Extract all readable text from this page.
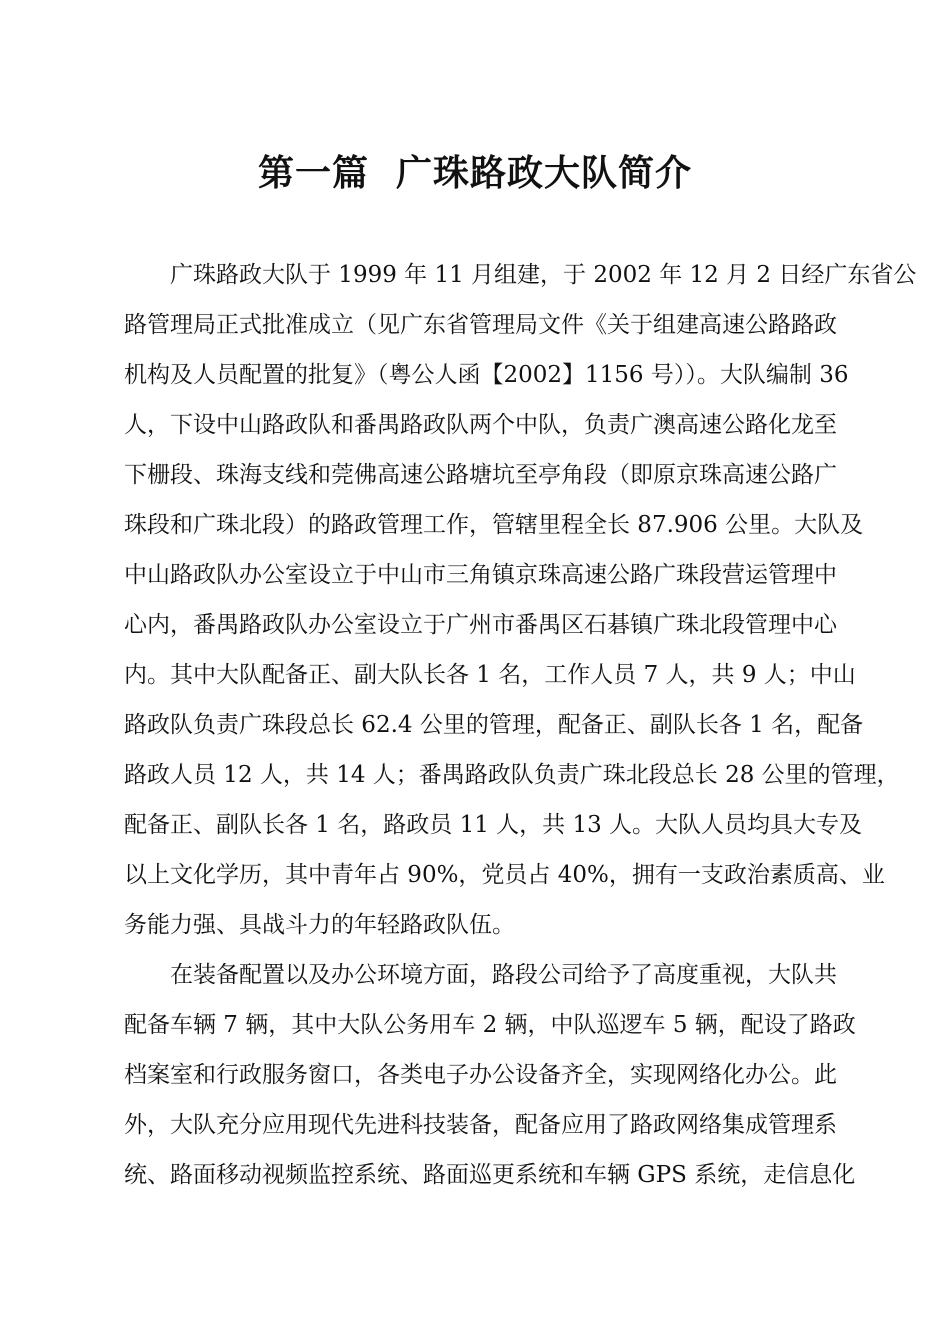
第一篇  广珠路政大队简介
广珠路政大队于 1999 年 11 月组建，于 2002 年 12 月 2 日经广东省公
路管理局正式批准成立（见广东省管理局文件《关于组建高速公路路政
机构及人员配置的批复》（粤公人函【2002】1156 号））。大队编制 36
人，下设中山路政队和番禺路政队两个中队，负责广澳高速公路化龙至
下栅段、珠海支线和莞佛高速公路塘坑至亭角段（即原京珠高速公路广
珠段和广珠北段）的路政管理工作，管辖里程全长 87.906 公里。大队及
中山路政队办公室设立于中山市三角镇京珠高速公路广珠段营运管理中
心内，番禺路政队办公室设立于广州市番禺区石碁镇广珠北段管理中心
内。其中大队配备正、副大队长各 1 名，工作人员 7 人，共 9 人；中山
路政队负责广珠段总长 62.4 公里的管理，配备正、副队长各 1 名，配备
路政人员 12 人，共 14 人；番禺路政队负责广珠北段总长 28 公里的管理，
配备正、副队长各 1 名，路政员 11 人，共 13 人。大队人员均具大专及
以上文化学历，其中青年占 90%，党员占 40%，拥有一支政治素质高、业
务能力强、具战斗力的年轻路政队伍。
在装备配置以及办公环境方面，路段公司给予了高度重视，大队共
配备车辆 7 辆，其中大队公务用车 2 辆，中队巡逻车 5 辆，配设了路政
档案室和行政服务窗口，各类电子办公设备齐全，实现网络化办公。此
外，大队充分应用现代先进科技装备，配备应用了路政网络集成管理系
统、路面移动视频监控系统、路面巡更系统和车辆 GPS 系统，走信息化
